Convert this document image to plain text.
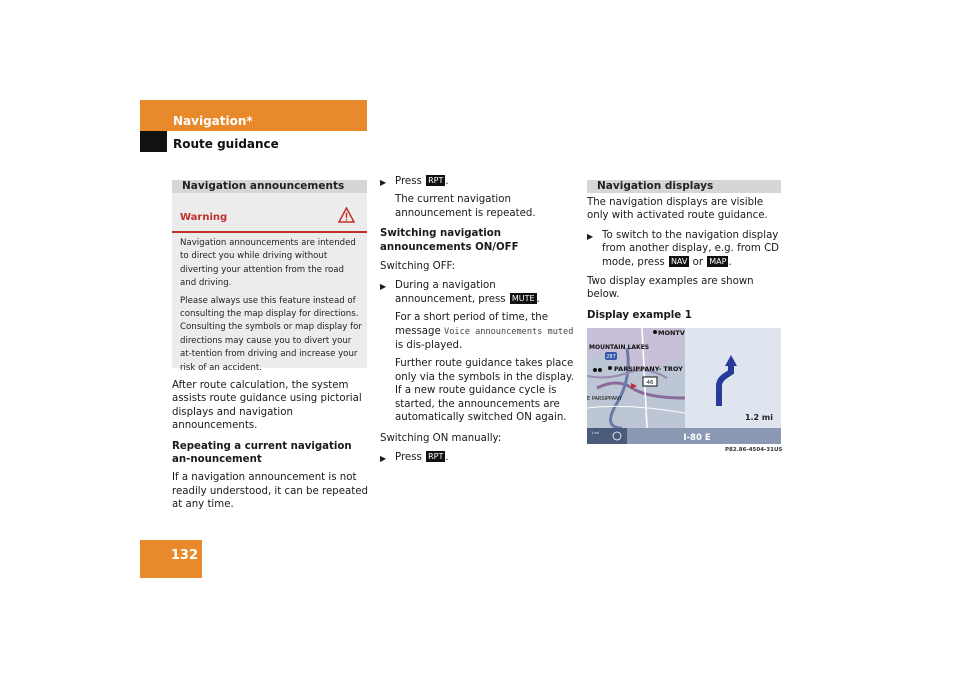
Navigation*
Route guidance
132
Navigation announcements
Warning

Navigation announcements are intended to direct you while driving without diverting your attention from the road and driving.

Please always use this feature instead of consulting the map display for directions. Consulting the symbols or map display for directions may cause you to divert your at-tention from driving and increase your risk of an accident.

After route calculation, the system assists route guidance using pictorial displays and navigation announcements.

Repeating a current navigation an-nouncement

If a navigation announcement is not readily understood, it can be repeated at any time.

▶ Press RPT .

The current navigation announcement is repeated.

Switching navigation announcements ON/OFF

Switching OFF:

▶ During a navigation announcement, press MUTE .
For a short period of time, the message Voice announcements muted is dis-played.

Further route guidance takes place only via the symbols in the display.

If a new route guidance cycle is started, the announcements are automatically switched ON again.

Switching ON manually:

▶ Press RPT .
Navigation displays

The navigation displays are visible only with activated route guidance.

▶ To switch to the navigation display from another display, e.g. from CD mode, press NAV or MAP .

Two display examples are shown below.

Display example 1

MONTV
MOUNTAIN LAKES
287
PARSIPPANY- TROY
46
E PARSIPPANY
1.2 mi
1 mi	I-80 E
P82.86-4504-31US
